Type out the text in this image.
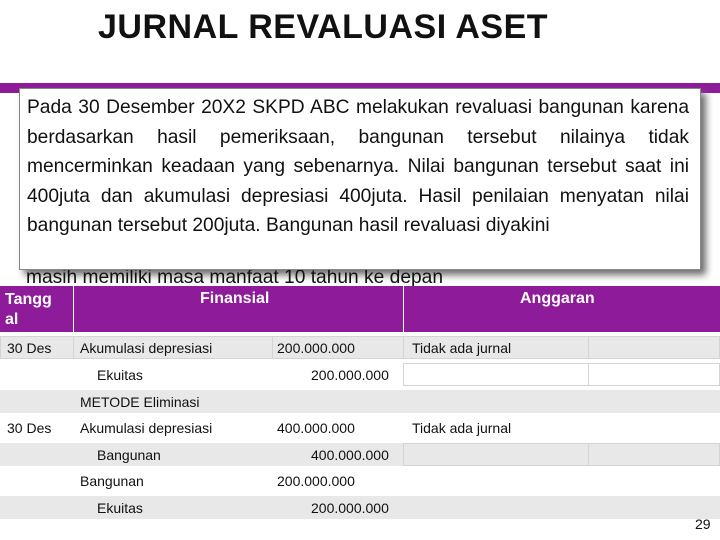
JURNAL REVALUASI ASET

Pada 30 Desember 20X2 SKPD ABC melakukan revaluasi bangunan karena berdasarkan hasil pemeriksaan, bangunan tersebut nilainya tidak mencerminkan keadaan yang sebenarnya. Nilai bangunan tersebut saat ini 400juta dan akumulasi depresiasi 400juta. Hasil penilaian menyatan nilai bangunan tersebut 200juta. Bangunan hasil revaluasi diyakini

masih memiliki masa manfaat 10 tahun ke depan
Tangg al
Finansial	Anggaran
30 Des Akumulasi depresiasi	200.000.000	Tidak ada jurnal
Ekuitas	200.000.000
METODE Eliminasi
30 Des Akumulasi depresiasi	400.000.000	Tidak ada jurnal
Bangunan	400.000.000
Bangunan	200.000.000
Ekuitas	200.000.000
29
